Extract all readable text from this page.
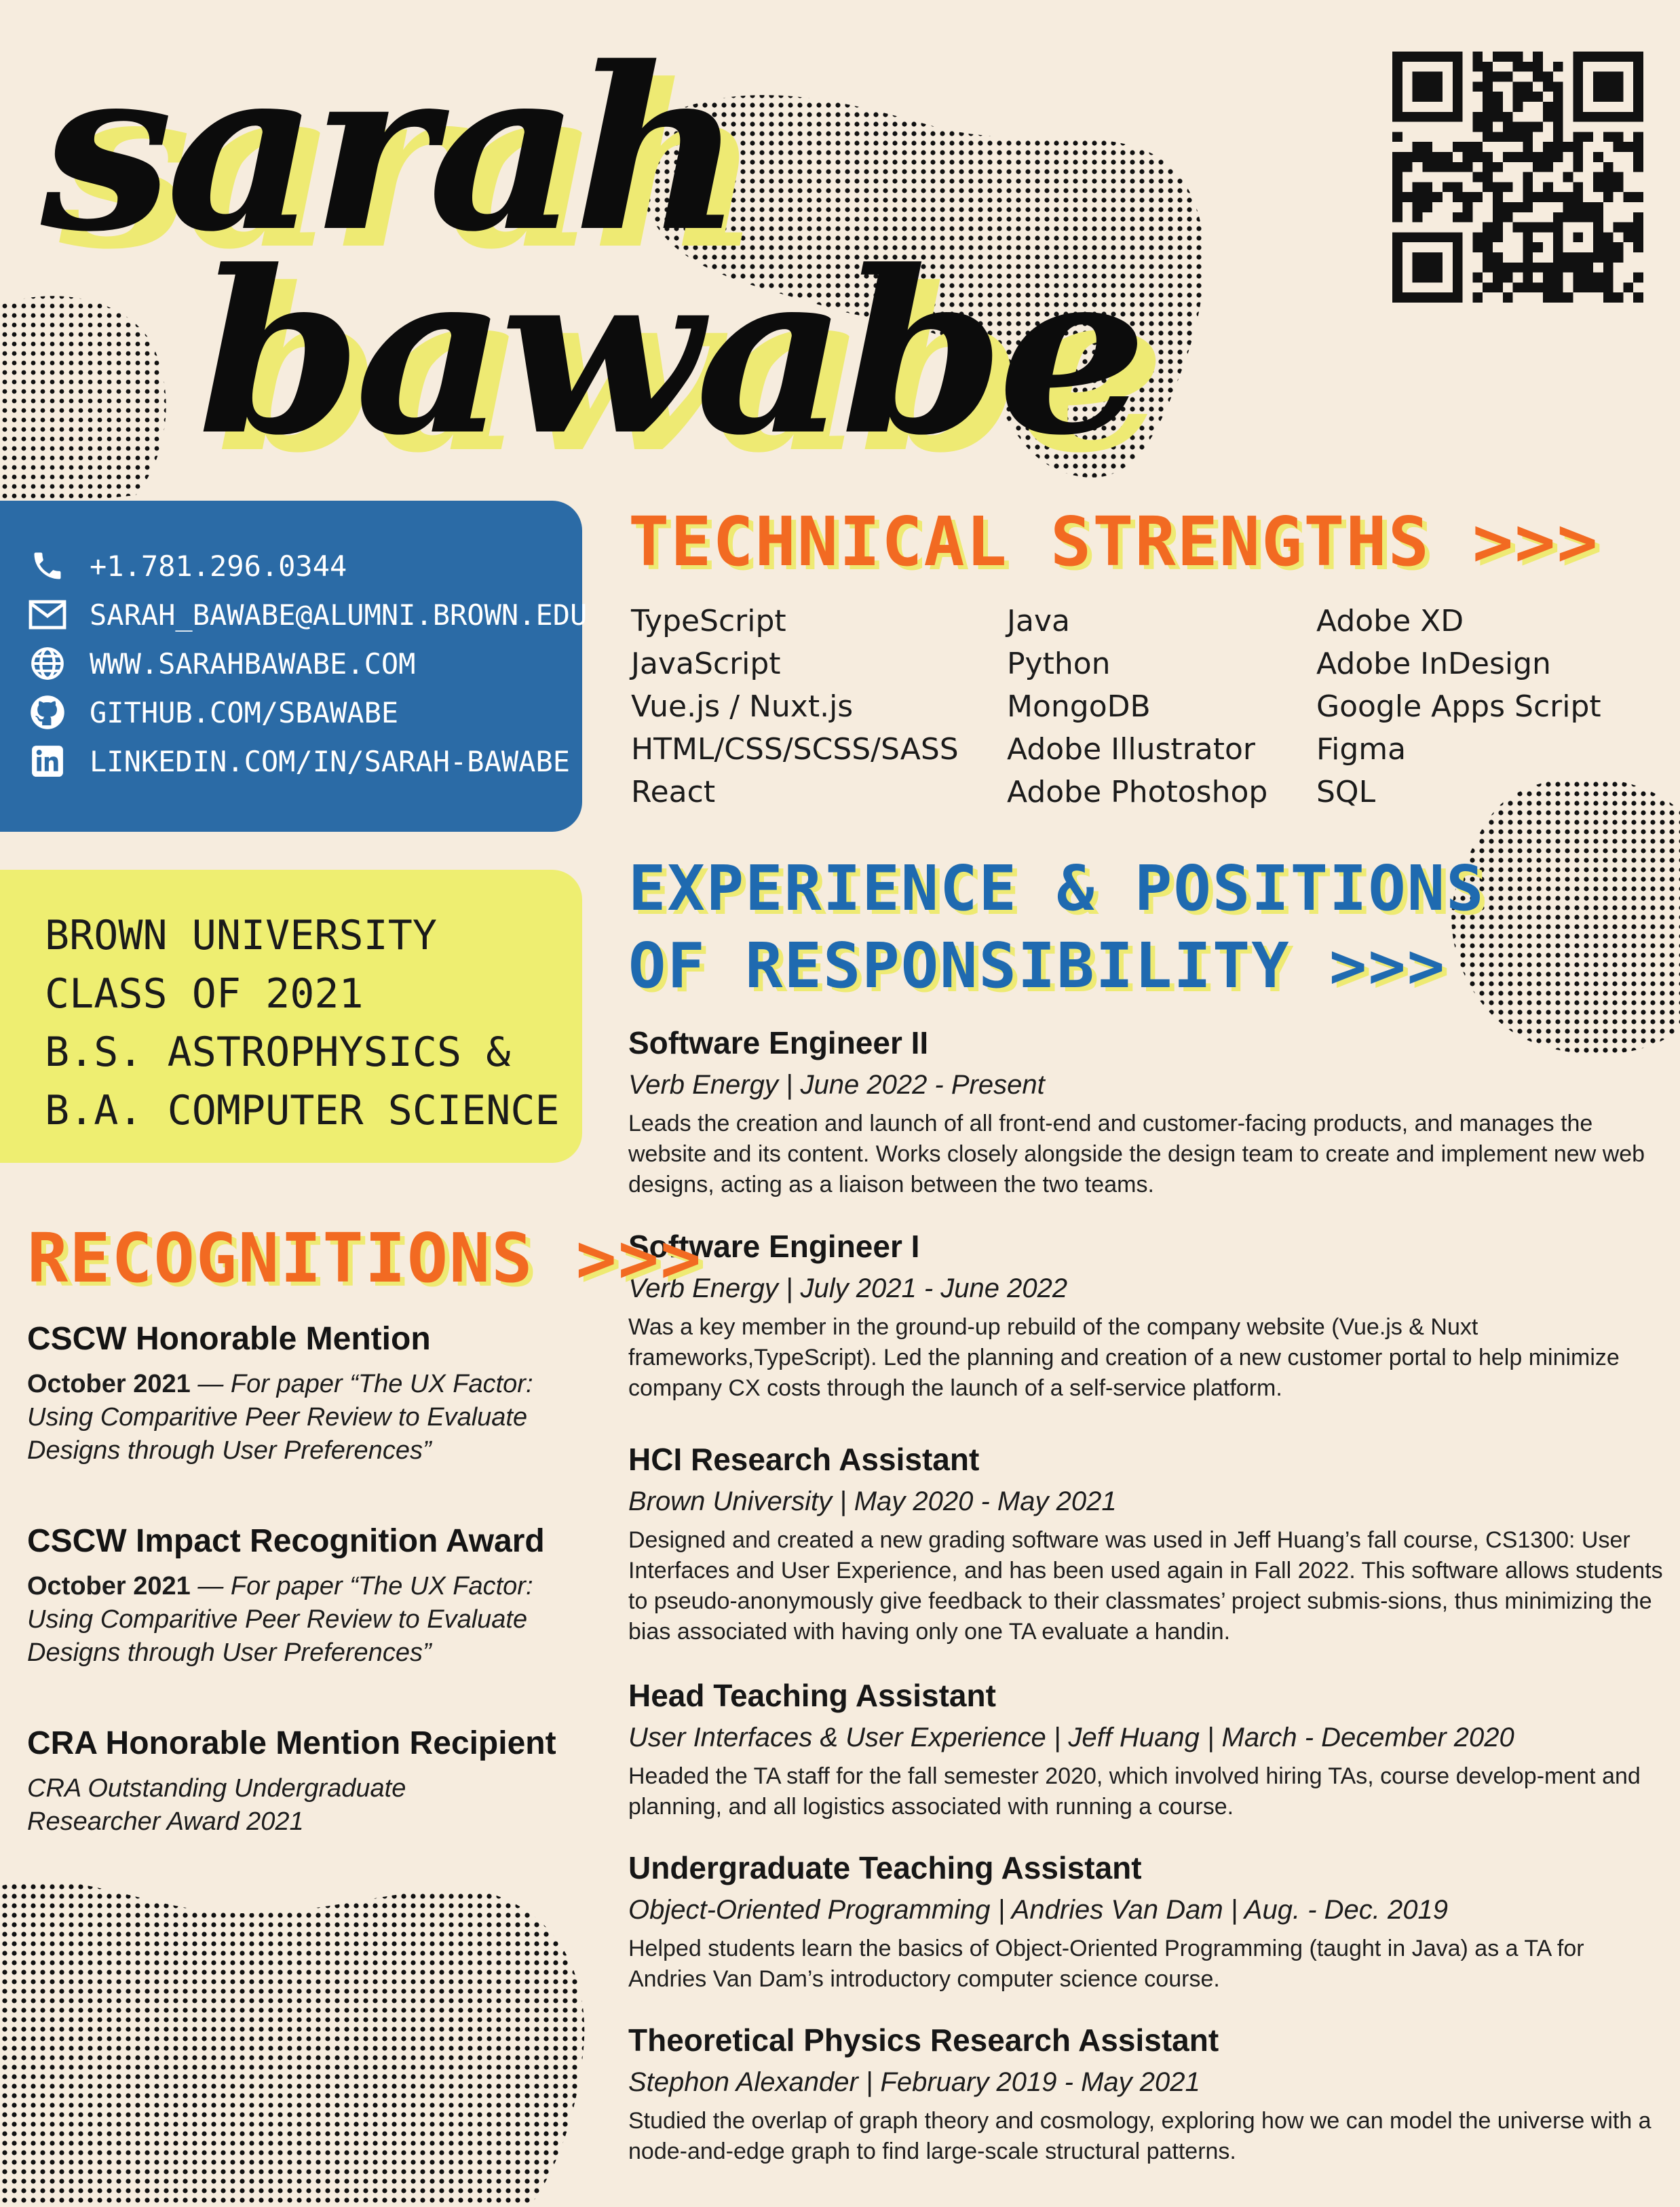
sarah
bawabe
+1.781.296.0344
SARAH_BAWABE@ALUMNI.BROWN.EDU
WWW.SARAHBAWABE.COM
GITHUB.COM/SBAWABE
LINKEDIN.COM/IN/SARAH-BAWABE
BROWN UNIVERSITY
CLASS OF 2021
B.S. ASTROPHYSICS &
B.A. COMPUTER SCIENCE
TECHNICAL STRENGTHS >>>
TypeScript
JavaScript
Vue.js / Nuxt.js
HTML/CSS/SCSS/SASS
React
Java
Python
MongoDB
Adobe Illustrator
Adobe Photoshop
Adobe XD
Adobe InDesign
Google Apps Script
Figma
SQL
EXPERIENCE & POSITIONS
OF RESPONSIBILITY >>>
Software Engineer II
Verb Energy | June 2022 - Present
Leads the creation and launch of all front-end and customer-facing products, and manages the website and its content. Works closely alongside the design team to create and implement new web designs, acting as a liaison between the two teams.
Software Engineer I
Verb Energy | July 2021 - June 2022
Was a key member in the ground-up rebuild of the company website (Vue.js & Nuxt frameworks,TypeScript). Led the planning and creation of a new customer portal to help minimize company CX costs through the launch of a self-service platform.
HCI Research Assistant
Brown University | May 2020 - May 2021
Designed and created a new grading software was used in Jeff Huang’s fall course, CS1300: User Interfaces and User Experience, and has been used again in Fall 2022. This software allows students to pseudo-anonymously give feedback to their classmates’ project submis-sions, thus minimizing the bias associated with having only one TA evaluate a handin.
Head Teaching Assistant
User Interfaces & User Experience | Jeff Huang | March - December 2020
Headed the TA staff for the fall semester 2020, which involved hiring TAs, course develop-ment and planning, and all logistics associated with running a course.
Undergraduate Teaching Assistant
Object-Oriented Programming | Andries Van Dam | Aug. - Dec. 2019
Helped students learn the basics of Object-Oriented Programming (taught in Java) as a TA for Andries Van Dam’s introductory computer science course.
Theoretical Physics Research Assistant
Stephon Alexander | February 2019 - May 2021
Studied the overlap of graph theory and cosmology, exploring how we can model the universe with a node-and-edge graph to find large-scale structural patterns.
RECOGNITIONS >>>
CSCW Honorable Mention
October 2021 — For paper “The UX Factor: Using Comparitive Peer Review to Evaluate Designs through User Preferences”
CSCW Impact Recognition Award
October 2021 — For paper “The UX Factor: Using Comparitive Peer Review to Evaluate Designs through User Preferences”
CRA Honorable Mention Recipient
CRA Outstanding Undergraduate Researcher Award 2021
